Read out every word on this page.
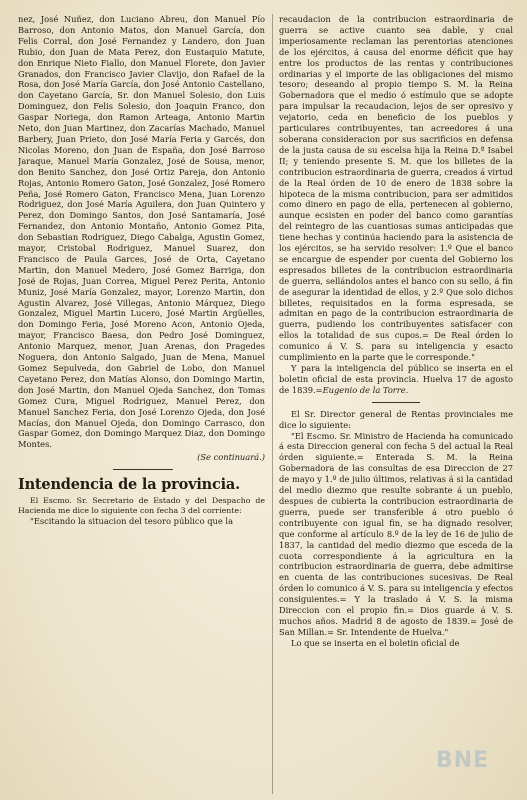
nez, José Nuñez, don Luciano Abreu, don Manuel Pío Barroso, don Antonio Matos, don Manuel García, don Felis Corral, don José Fernandez y Landero, don Juan Rubio, don Juan de Mata Perez, don Eustaquio Matute, don Enrique Nieto Fiallo, don Manuel Florete, don Javier Granados, don Francisco Javier Clavijo, don Rafael de la Rosa, don José María García, don José Antonio Castellano, don Cayetano García, Sr. don Manuel Solesio, don Luis Dominguez, don Felis Solesio, don Joaquin Franco, don Gaspar Noriega, don Ramon Arteaga, Antonio Martin Neto, don Juan Martinez, don Zacarías Machado, Manuel Barbery, Juan Prieto, don José María Feria y Garcés, don Nicolas Moreno, don Juan de España, don José Barroso Jaraque, Manuel María Gonzalez, José de Sousa, menor, don Benito Sanchez, don José Ortiz Pareja, don Antonio Rojas, Antonio Romero Gaton, José Gonzalez, José Romero Peña, José Romero Gaton, Francisco Mena, Juan Lorenzo Rodriguez, don José María Aguilera, don Juan Quintero y Perez, don Domingo Santos, don José Santamaría, José Fernandez, don Antonio Montaño, Antonio Gomez Pita, don Sebastian Rodriguez, Diego Cabalga, Agustin Gomez, mayor, Cristobal Rodriguez, Manuel Suarez, don Francisco de Paula Garces, José de Orta, Cayetano Martin, don Manuel Medero, José Gomez Barriga, don José de Rojas, Juan Correa, Miguel Perez Perita, Antonio Muniz, José María Gonzalez, mayor, Lorenzo Martin, don Agustin Alvarez, José Villegas, Antonio Márquez, Diego Gonzalez, Miguel Martin Lucero, José Martin Argüelles, don Domingo Feria, José Moreno Acon, Antonio Ojeda, mayor, Francisco Baesa, don Pedro José Dominguez, Antonio Marquez, menor, Juan Arenas, don Pragedes Noguera, don Antonio Salgado, Juan de Mena, Manuel Gomez Sepulveda, don Gabriel de Lobo, don Manuel Cayetano Perez, don Matías Alonso, don Domingo Martin, don José Martin, don Manuel Ojeda Sanchez, don Tomas Gomez Cura, Miguel Rodriguez, Manuel Perez, don Manuel Sanchez Feria, don José Lorenzo Ojeda, don José Macías, don Manuel Ojeda, don Domingo Carrasco, don Gaspar Gomez, don Domingo Marquez Diaz, don Domingo Montes.

(Se continuará.)

Intendencia de la provincia.

El Escmo. Sr. Secretario de Estado y del Despacho de Hacienda me dice lo siguiente con fecha 3 del corriente:

"Escitando la situacion del tesoro público que la

recaudacion de la contribucion estraordinaria de guerra se active cuanto sea dable, y cual imperiosamente reclaman las perentorias atenciones de los ejércitos, á causa del enorme déficit que hay entre los productos de las rentas y contribuciones ordinarias y el importe de las obligaciones del mismo tesoro; deseando al propio tiempo S. M. la Reina Gobernadora que el medio ó estímulo que se adopte para impulsar la recaudacion, lejos de ser opresivo y vejatorio, ceda en beneficio de los pueblos y particulares contribuyentes, tan acreedores á una soberana consideracion por sus sacrificios en defensa de la justa causa de su escelsa hija la Reina D.ª Isabel II; y teniendo presente S. M. que los billetes de la contribucion estraordinaria de guerra, creados á virtud de la Real órden de 10 de enero de 1838 sobre la hipoteca de la misma contribucion, para ser admitidos como dinero en pago de ella, pertenecen al gobierno, aunque ecsisten en poder del banco como garantías del reintegro de las cuantiosas sumas anticipadas que tiene hechas y continúa haciendo para la asistencia de los ejércitos, se ha servido resolver: 1.º Que el banco se encargue de espender por cuenta del Gobierno los espresados billetes de la contribucion estraordinaria de guerra, sellándolos antes el banco con su sello, á fin de asegurar la identidad de ellos, y 2.º Que solo dichos billetes, requisitados en la forma espresada, se admitan en pago de la contribucion estraordinaria de guerra, pudiendo los contribuyentes satisfacer con ellos la totalidad de sus cupos.= De Real órden lo comunico á V. S. para su inteligencia y esacto cumplimiento en la parte que le corresponde."

Y para la inteligencia del público se inserta en el boletin oficial de esta provincia. Huelva 17 de agosto de 1839.=Eugenio de la Torre.

El Sr. Director general de Rentas provinciales me dice lo siguiente:

"El Escmo. Sr. Ministro de Hacienda ha comunicado á esta Direccion general con fecha 5 del actual la Real órden siguiente.= Enterada S. M. la Reina Gobernadora de las consultas de esa Direccion de 27 de mayo y 1.º de julio últimos, relativas á si la cantidad del medio diezmo que resulte sobrante á un pueblo, despues de cubierta la contribucion estraordinaria de guerra, puede ser transferible á otro pueblo ó contribuyente con igual fin, se ha dignado resolver, que conforme al artículo 8.º de la ley de 16 de julio de 1837, la cantidad del medio diezmo que esceda de la cuota correspondiente á la agricultura en la contribucion estraordinaria de guerra, debe admitirse en cuenta de las contribuciones sucesivas. De Real órden lo comunico á V. S. para su inteligencia y efectos consiguientes.= Y la traslado á V. S. la misma Direccion con el propio fin.= Dios guarde á V. S. muchos años. Madrid 8 de agosto de 1839.= José de San Millan.= Sr. Intendente de Huelva."

Lo que se inserta en el boletin oficial de

BNE
